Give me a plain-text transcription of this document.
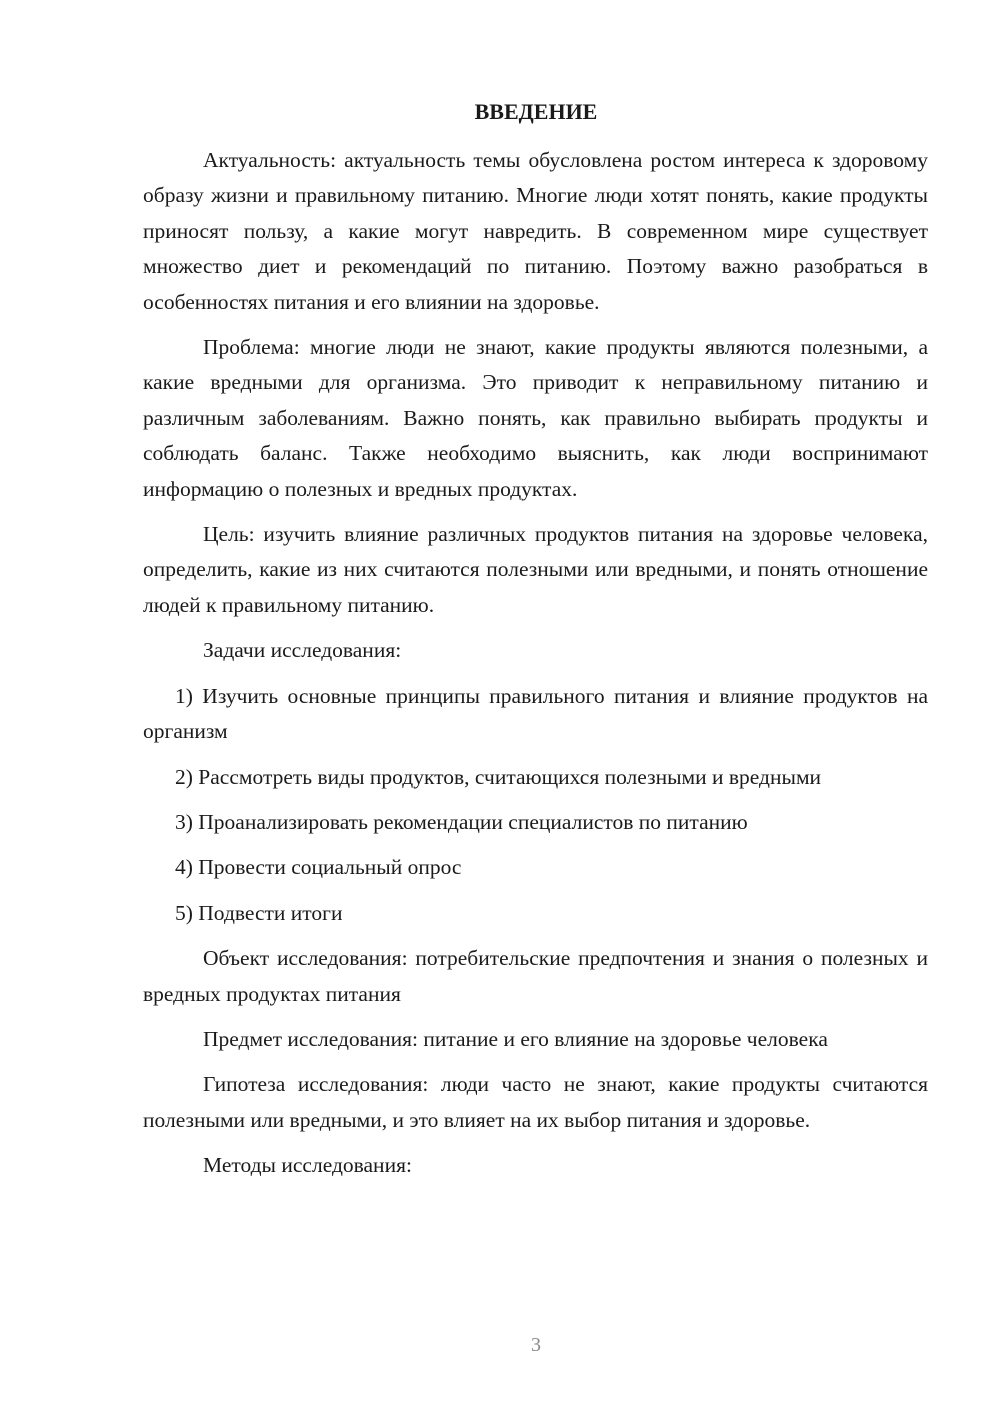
ВВЕДЕНИЕ

Актуальность: актуальность темы обусловлена ростом интереса к здоровому образу жизни и правильному питанию. Многие люди хотят понять, какие продукты приносят пользу, а какие могут навредить. В современном мире существует множество диет и рекомендаций по питанию. Поэтому важно разобраться в особенностях питания и его влиянии на здоровье.

Проблема: многие люди не знают, какие продукты являются полезными, а какие вредными для организма. Это приводит к неправильному питанию и различным заболеваниям. Важно понять, как правильно выбирать продукты и соблюдать баланс. Также необходимо выяснить, как люди воспринимают информацию о полезных и вредных продуктах.

Цель: изучить влияние различных продуктов питания на здоровье человека, определить, какие из них считаются полезными или вредными, и понять отношение людей к правильному питанию.

Задачи исследования:

1) Изучить основные принципы правильного питания и влияние продуктов на организм

2) Рассмотреть виды продуктов, считающихся полезными и вредными

3) Проанализировать рекомендации специалистов по питанию

4) Провести социальный опрос

5) Подвести итоги

Объект исследования: потребительские предпочтения и знания о полезных и вредных продуктах питания

Предмет исследования: питание и его влияние на здоровье человека

Гипотеза исследования: люди часто не знают, какие продукты считаются полезными или вредными, и это влияет на их выбор питания и здоровье.

Методы исследования:

3
